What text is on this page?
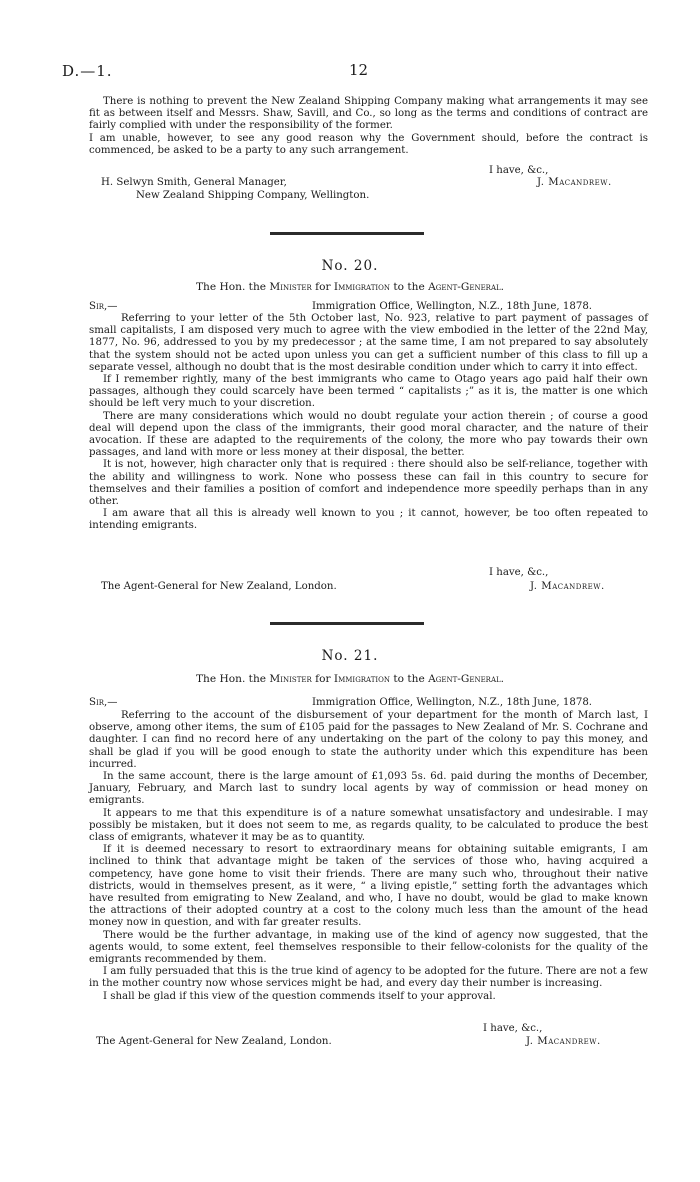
D.—1.	12

There is nothing to prevent the New Zealand Shipping Company making what arrangements it may see fit as between itself and Messrs. Shaw, Savill, and Co., so long as the terms and conditions of contract are fairly complied with under the responsibility of the former.

I am unable, however, to see any good reason why the Government should, before the contract is commenced, be asked to be a party to any such arrangement.

I have, &c.,
H. Selwyn Smith, General Manager,	J. Macandrew.
New Zealand Shipping Company, Wellington.
No. 20.
The Hon. the Minister for Immigration to the Agent-General.
Sir,—	Immigration Office, Wellington, N.Z., 18th June, 1878.

Referring to your letter of the 5th October last, No. 923, relative to part payment of passages of small capitalists, I am disposed very much to agree with the view embodied in the letter of the 22nd May, 1877, No. 96, addressed to you by my predecessor ; at the same time, I am not prepared to say absolutely that the system should not be acted upon unless you can get a sufficient number of this class to fill up a separate vessel, although no doubt that is the most desirable condition under which to carry it into effect.

If I remember rightly, many of the best immigrants who came to Otago years ago paid half their own passages, although they could scarcely have been termed “ capitalists ;” as it is, the matter is one which should be left very much to your discretion.

There are many considerations which would no doubt regulate your action therein ; of course a good deal will depend upon the class of the immigrants, their good moral character, and the nature of their avocation. If these are adapted to the requirements of the colony, the more who pay towards their own passages, and land with more or less money at their disposal, the better.

It is not, however, high character only that is required : there should also be self-reliance, together with the ability and willingness to work. None who possess these can fail in this country to secure for themselves and their families a position of comfort and independence more speedily perhaps than in any other.

I am aware that all this is already well known to you ; it cannot, however, be too often repeated to intending emigrants.

I have, &c.,
The Agent-General for New Zealand, London.	J. Macandrew.
No. 21.
The Hon. the Minister for Immigration to the Agent-General.
Sir,—	Immigration Office, Wellington, N.Z., 18th June, 1878.

Referring to the account of the disbursement of your department for the month of March last, I observe, among other items, the sum of £105 paid for the passages to New Zealand of Mr. S. Cochrane and daughter. I can find no record here of any undertaking on the part of the colony to pay this money, and shall be glad if you will be good enough to state the authority under which this expenditure has been incurred.

In the same account, there is the large amount of £1,093 5s. 6d. paid during the months of December, January, February, and March last to sundry local agents by way of commission or head money on emigrants.

It appears to me that this expenditure is of a nature somewhat unsatisfactory and undesirable. I may possibly be mistaken, but it does not seem to me, as regards quality, to be calculated to produce the best class of emigrants, whatever it may be as to quantity.

If it is deemed necessary to resort to extraordinary means for obtaining suitable emigrants, I am inclined to think that advantage might be taken of the services of those who, having acquired a competency, have gone home to visit their friends. There are many such who, throughout their native districts, would in themselves present, as it were, “ a living epistle,” setting forth the advantages which have resulted from emigrating to New Zealand, and who, I have no doubt, would be glad to make known the attractions of their adopted country at a cost to the colony much less than the amount of the head money now in question, and with far greater results.

There would be the further advantage, in making use of the kind of agency now suggested, that the agents would, to some extent, feel themselves responsible to their fellow-colonists for the quality of the emigrants recommended by them.

I am fully persuaded that this is the true kind of agency to be adopted for the future. There are not a few in the mother country now whose services might be had, and every day their number is increasing.

I shall be glad if this view of the question commends itself to your approval.

I have, &c.,
The Agent-General for New Zealand, London.	J. Macandrew.
